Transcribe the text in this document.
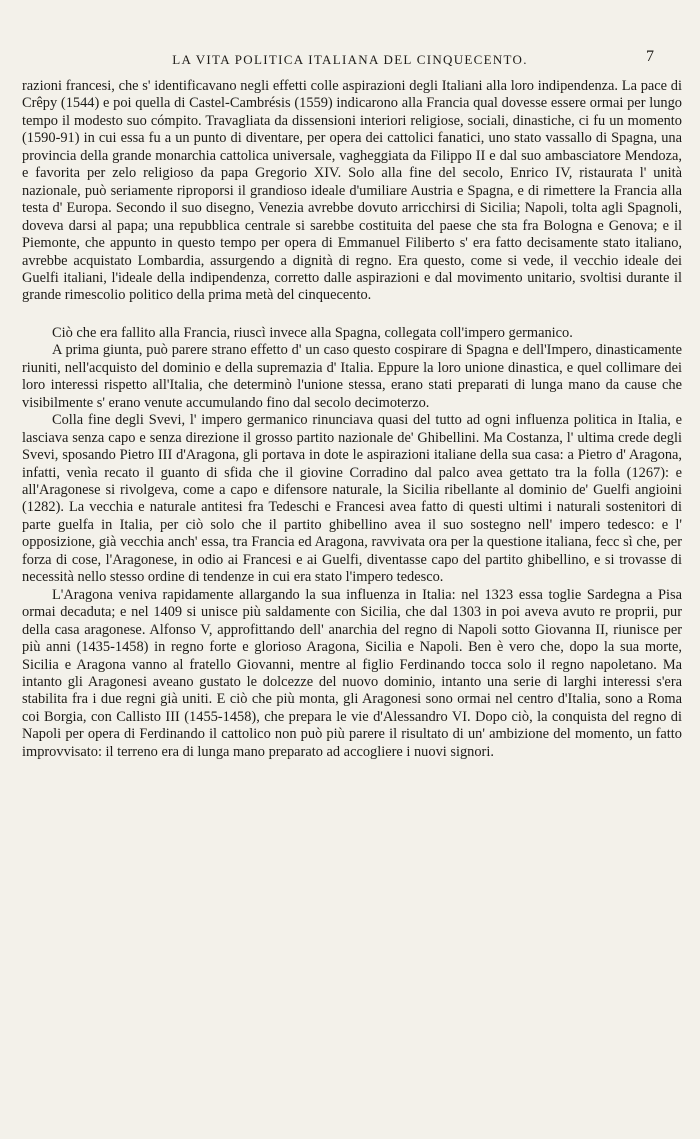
LA VITA POLITICA ITALIANA DEL CINQUECENTO.	7

razioni francesi, che s' identificavano negli effetti colle aspirazioni degli Italiani alla loro indipendenza. La pace di Crêpy (1544) e poi quella di Castel-Cambrésis (1559) indicarono alla Francia qual dovesse essere ormai per lungo tempo il modesto suo cómpito. Travagliata da dissensioni interiori religiose, sociali, dinastiche, ci fu un momento (1590-91) in cui essa fu a un punto di diventare, per opera dei cattolici fanatici, uno stato vassallo di Spagna, una provincia della grande monarchia cattolica universale, vagheggiata da Filippo II e dal suo ambasciatore Mendoza, e favorita per zelo religioso da papa Gregorio XIV. Solo alla fine del secolo, Enrico IV, ristaurata l' unità nazionale, può seriamente riproporsi il grandioso ideale d'umiliare Austria e Spagna, e di rimettere la Francia alla testa d' Europa. Secondo il suo disegno, Venezia avrebbe dovuto arricchirsi di Sicilia; Napoli, tolta agli Spagnoli, doveva darsi al papa; una repubblica centrale si sarebbe costituita del paese che sta fra Bologna e Genova; e il Piemonte, che appunto in questo tempo per opera di Emmanuel Filiberto s' era fatto decisamente stato italiano, avrebbe acquistato Lombardia, assurgendo a dignità di regno. Era questo, come si vede, il vecchio ideale dei Guelfi italiani, l'ideale della indipendenza, corretto dalle aspirazioni e dal movimento unitario, svoltisi durante il grande rimescolio politico della prima metà del cinquecento.

Ciò che era fallito alla Francia, riuscì invece alla Spagna, collegata coll'impero germanico.

A prima giunta, può parere strano effetto d' un caso questo cospirare di Spagna e dell'Impero, dinasticamente riuniti, nell'acquisto del dominio e della supremazia d' Italia. Eppure la loro unione dinastica, e quel collimare dei loro interessi rispetto all'Italia, che determinò l'unione stessa, erano stati preparati di lunga mano da cause che visibilmente s' erano venute accumulando fino dal secolo decimoterzo.

Colla fine degli Svevi, l' impero germanico rinunciava quasi del tutto ad ogni influenza politica in Italia, e lasciava senza capo e senza direzione il grosso partito nazionale de' Ghibellini. Ma Costanza, l' ultima crede degli Svevi, sposando Pietro III d'Aragona, gli portava in dote le aspirazioni italiane della sua casa: a Pietro d' Aragona, infatti, venìa recato il guanto di sfida che il giovine Corradino dal palco avea gettato tra la folla (1267): e all'Aragonese si rivolgeva, come a capo e difensore naturale, la Sicilia ribellante al dominio de' Guelfi angioini (1282). La vecchia e naturale antitesi fra Tedeschi e Francesi avea fatto di questi ultimi i naturali sostenitori di parte guelfa in Italia, per ciò solo che il partito ghibellino avea il suo sostegno nell' impero tedesco: e l' opposizione, già vecchia anch' essa, tra Francia ed Aragona, ravvivata ora per la questione italiana, fecc sì che, per forza di cose, l'Aragonese, in odio ai Francesi e ai Guelfi, diventasse capo del partito ghibellino, e si trovasse di necessità nello stesso ordine di tendenze in cui era stato l'impero tedesco.

L'Aragona veniva rapidamente allargando la sua influenza in Italia: nel 1323 essa toglie Sardegna a Pisa ormai decaduta; e nel 1409 si unisce più saldamente con Sicilia, che dal 1303 in poi aveva avuto re proprii, pur della casa aragonese. Alfonso V, approfittando dell' anarchia del regno di Napoli sotto Giovanna II, riunisce per più anni (1435-1458) in regno forte e glorioso Aragona, Sicilia e Napoli. Ben è vero che, dopo la sua morte, Sicilia e Aragona vanno al fratello Giovanni, mentre al figlio Ferdinando tocca solo il regno napoletano. Ma intanto gli Aragonesi aveano gustato le dolcezze del nuovo dominio, intanto una serie di larghi interessi s'era stabilita fra i due regni già uniti. E ciò che più monta, gli Aragonesi sono ormai nel centro d'Italia, sono a Roma coi Borgia, con Callisto III (1455-1458), che prepara le vie d'Alessandro VI. Dopo ciò, la conquista del regno di Napoli per opera di Ferdinando il cattolico non può più parere il risultato di un' ambizione del momento, un fatto improvvisato: il terreno era di lunga mano preparato ad accogliere i nuovi signori.
